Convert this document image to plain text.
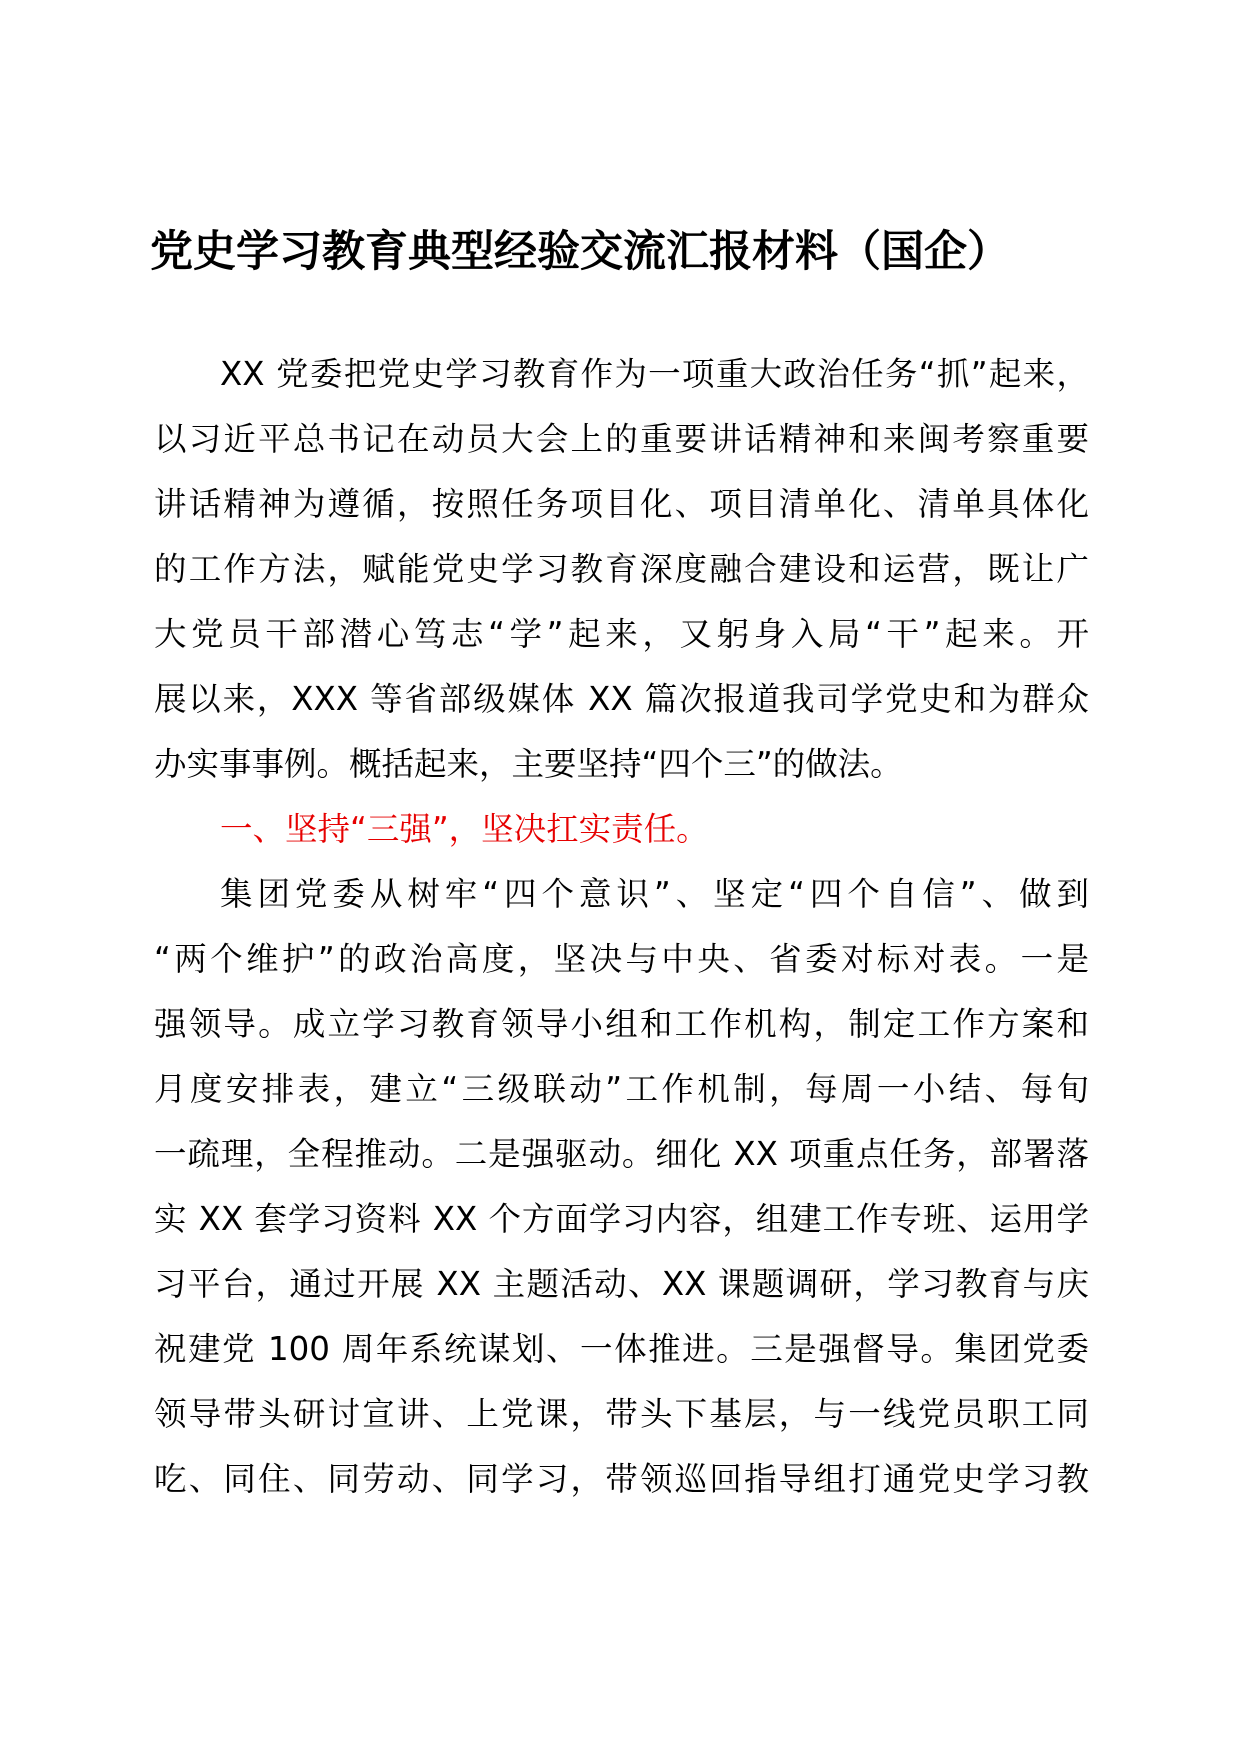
党史学习教育典型经验交流汇报材料（国企）
XX 党委把党史学习教育作为一项重大政治任务“抓”起来，
以习近平总书记在动员大会上的重要讲话精神和来闽考察重要
讲话精神为遵循，按照任务项目化、项目清单化、清单具体化
的工作方法，赋能党史学习教育深度融合建设和运营，既让广
大党员干部潜心笃志“学”起来，又躬身入局“干”起来。开
展以来，XXX 等省部级媒体 XX 篇次报道我司学党史和为群众
办实事事例。概括起来，主要坚持“四个三”的做法。
一、坚持“三强”，坚决扛实责任。
集团党委从树牢“四个意识”、坚定“四个自信”、做到
“两个维护”的政治高度，坚决与中央、省委对标对表。一是
强领导。成立学习教育领导小组和工作机构，制定工作方案和
月度安排表，建立“三级联动”工作机制，每周一小结、每旬
一疏理，全程推动。二是强驱动。细化 XX 项重点任务，部署落
实 XX 套学习资料 XX 个方面学习内容，组建工作专班、运用学
习平台，通过开展 XX 主题活动、XX 课题调研，学习教育与庆
祝建党 100 周年系统谋划、一体推进。三是强督导。集团党委
领导带头研讨宣讲、上党课，带头下基层，与一线党员职工同
吃、同住、同劳动、同学习，带领巡回指导组打通党史学习教
